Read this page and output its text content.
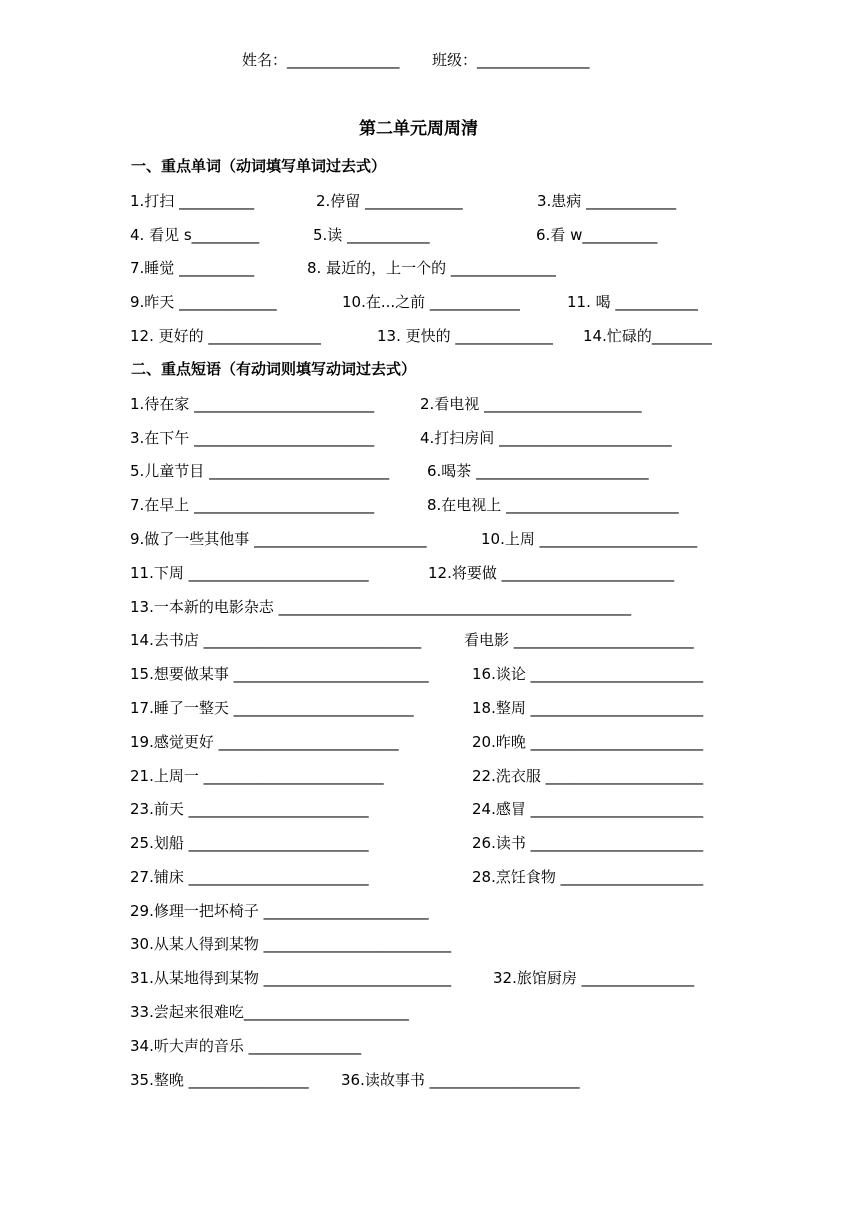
姓名：_______________ 班级：_______________
第二单元周周清
一、重点单词（动词填写单词过去式）
1.打扫 __________	2.停留 _____________	3.患病 ____________
4. 看见 s_________	5.读 ___________	6.看 w__________
7.睡觉 __________	8. 最近的，上一个的 ______________
9.昨天 _____________	10.在...之前 ____________	11. 喝 ___________
12. 更好的 _______________	13. 更快的 _____________ 14.忙碌的________
二、重点短语（有动词则填写动词过去式）
1.待在家 ________________________	2.看电视 _____________________
3.在下午 ________________________	4.打扫房间 _______________________
5.儿童节目 ________________________	6.喝茶 _______________________
7.在早上 ________________________	8.在电视上 _______________________
9.做了一些其他事 _______________________	10.上周 _____________________
11.下周 ________________________	12.将要做 _______________________
13.一本新的电影杂志 _______________________________________________
14.去书店 _____________________________	看电影 ________________________
15.想要做某事 __________________________	16.谈论 _______________________
17.睡了一整天 ________________________	18.整周 _______________________
19.感觉更好 ________________________	20.昨晚 _______________________
21.上周一 ________________________	22.洗衣服 _____________________
23.前天 ________________________	24.感冒 _______________________
25.划船 ________________________	26.读书 _______________________
27.铺床 ________________________	28.烹饪食物 ___________________
29.修理一把坏椅子 ______________________
30.从某人得到某物 _________________________
31.从某地得到某物 _________________________	32.旅馆厨房 _______________
33.尝起来很难吃______________________
34.听大声的音乐 _______________
35.整晚 ________________ 36.读故事书 ____________________
